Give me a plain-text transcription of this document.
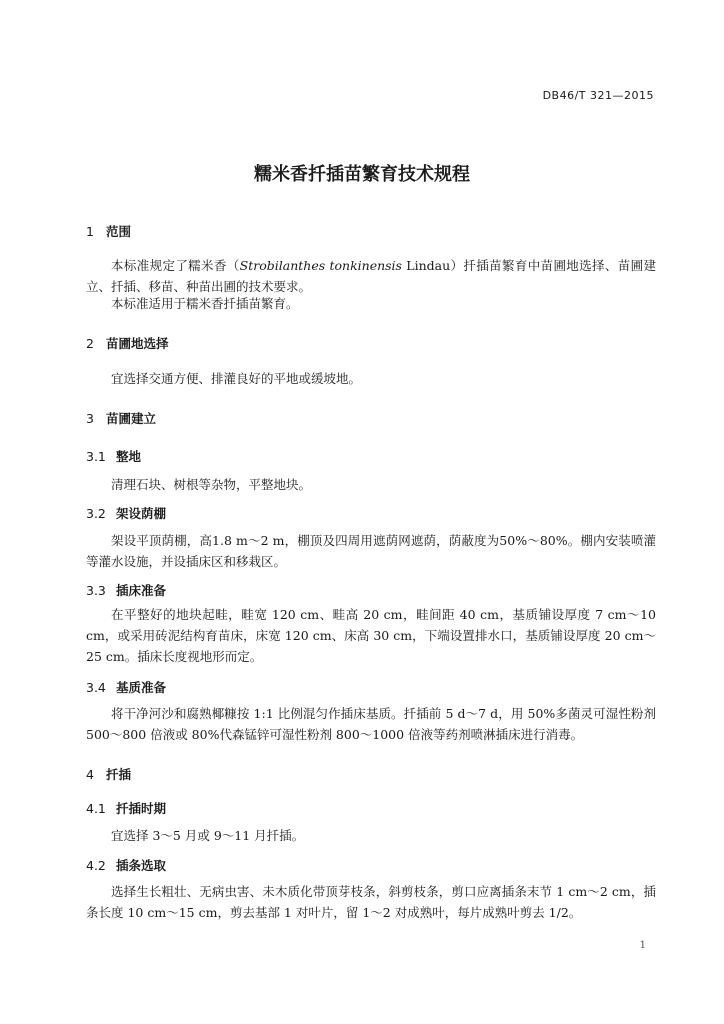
DB46/T 321—2015
糯米香扦插苗繁育技术规程
1 范围

本标准规定了糯米香（Strobilanthes tonkinensis Lindau）扦插苗繁育中苗圃地选择、苗圃建立、扦插、移苗、种苗出圃的技术要求。

本标准适用于糯米香扦插苗繁育。

2 苗圃地选择

宜选择交通方便、排灌良好的平地或缓坡地。

3 苗圃建立
3.1 整地

清理石块、树根等杂物，平整地块。

3.2 架设荫棚

架设平顶荫棚，高1.8 m～2 m，棚顶及四周用遮荫网遮荫，荫蔽度为50%～80%。棚内安装喷灌等灌水设施，并设插床区和移栽区。

3.3 插床准备

在平整好的地块起畦，畦宽 120 cm、畦高 20 cm，畦间距 40 cm，基质铺设厚度 7 cm～10 cm，或采用砖泥结构育苗床，床宽 120 cm、床高 30 cm，下端设置排水口，基质铺设厚度 20 cm～25 cm。插床长度视地形而定。

3.4 基质准备

将干净河沙和腐熟椰糠按 1:1 比例混匀作插床基质。扦插前 5 d～7 d，用 50%多菌灵可湿性粉剂 500～800 倍液或 80%代森锰锌可湿性粉剂 800～1000 倍液等药剂喷淋插床进行消毒。

4 扦插
4.1 扦插时期

宜选择 3～5 月或 9～11 月扦插。

4.2 插条选取

选择生长粗壮、无病虫害、未木质化带顶芽枝条，斜剪枝条，剪口应离插条末节 1 cm～2 cm，插条长度 10 cm～15 cm，剪去基部 1 对叶片，留 1～2 对成熟叶，每片成熟叶剪去 1/2。

1
